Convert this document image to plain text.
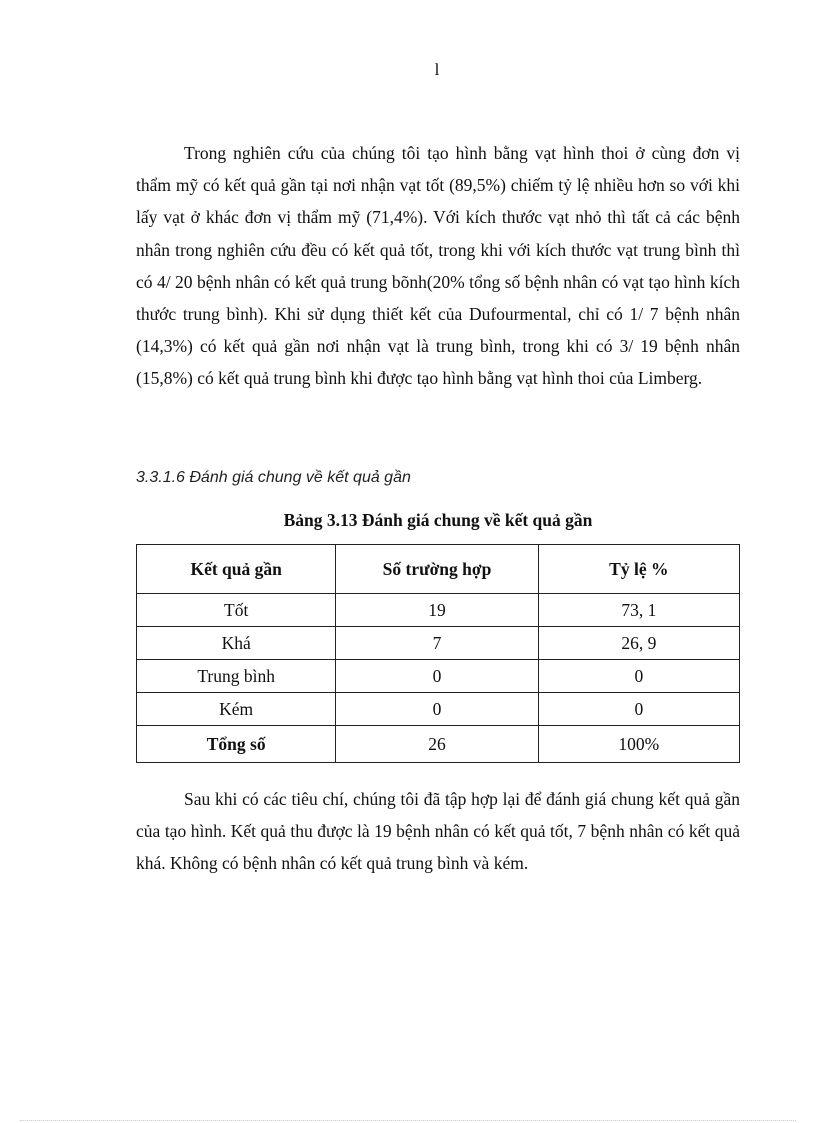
l

Trong nghiên cứu của chúng tôi tạo hình bằng vạt hình thoi ở cùng đơn vị thẩm mỹ có kết quả gần tại nơi nhận vạt tốt (89,5%) chiếm tỷ lệ nhiều hơn so với khi lấy vạt ở khác đơn vị thẩm mỹ (71,4%). Với kích thước vạt nhỏ thì tất cả các bệnh nhân trong nghiên cứu đều có kết quả tốt, trong khi với kích thước vạt trung bình thì có 4/ 20 bệnh nhân có kết quả trung bõnh(20% tổng số bệnh nhân có vạt tạo hình kích thước trung bình). Khi sử dụng thiết kết của Dufourmental, chỉ có 1/ 7 bệnh nhân (14,3%) có kết quả gần nơi nhận vạt là trung bình, trong khi có 3/ 19 bệnh nhân (15,8%) có kết quả trung bình khi được tạo hình bằng vạt hình thoi của Limberg.

3.3.1.6 Đánh giá chung về kết quả gần
Bảng 3.13 Đánh giá chung về kết quả gần
Kết quả gần	Số trường hợp	Tỷ lệ %
Tốt	19	73, 1
Khá	7	26, 9
Trung bình	0	0
Kém	0	0
Tổng số	26	100%

Sau khi có các tiêu chí, chúng tôi đã tập hợp lại để đánh giá chung kết quả gần của tạo hình. Kết quả thu được là 19 bệnh nhân có kết quả tốt, 7 bệnh nhân có kết quả khá. Không có bệnh nhân có kết quả trung bình và kém.
